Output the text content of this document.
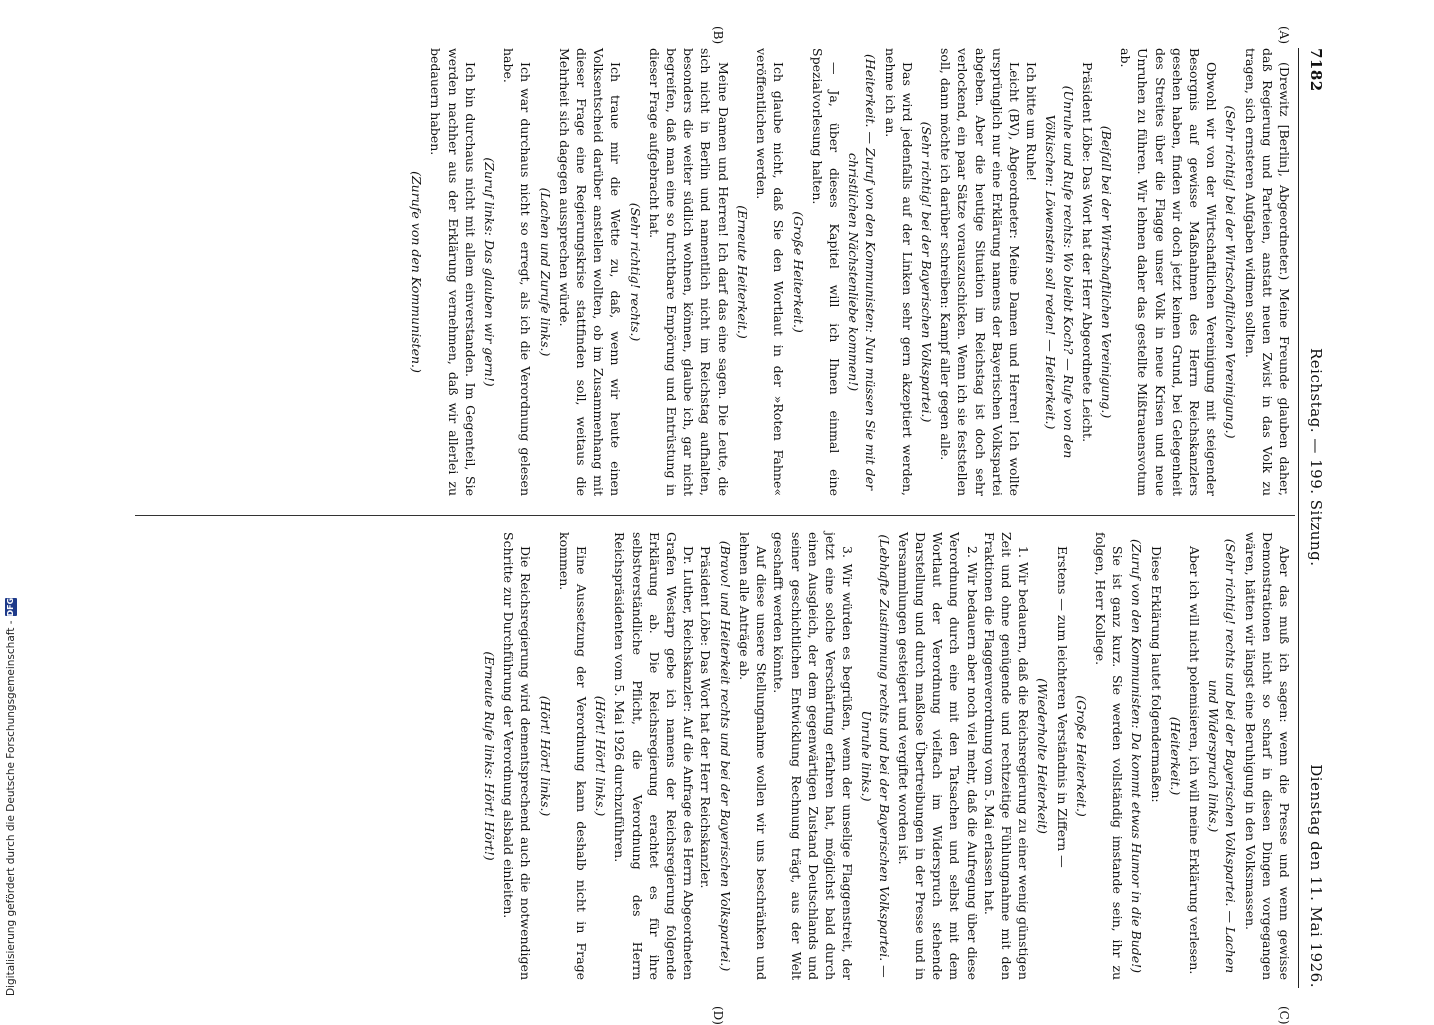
7182
Reichstag. — 199. Sitzung.
Dienstag den 11. Mai 1926.
(A)
(B)
(C)
(D)

(Drewitz [Berlin], Abgeordneter.) Meine Freunde glauben daher, daß Regierung und Parteien, anstatt neuen Zwist in das Volk zu tragen, sich ernsteren Aufgaben widmen sollten.

(Sehr richtig! bei der Wirtschaftlichen Vereinigung.)

Obwohl wir von der Wirtschaftlichen Vereinigung mit steigender Besorgnis auf gewisse Maßnahmen des Herrn Reichskanzlers gesehen haben, finden wir doch jetzt keinen Grund, bei Gelegenheit des Streites über die Flagge unser Volk in neue Krisen und neue Unruhen zu führen. Wir lehnen daher das gestellte Mißtrauensvotum ab.

(Beifall bei der Wirtschaftlichen Vereinigung.)

Präsident Löbe: Das Wort hat der Herr Abgeordnete Leicht.

(Unruhe und Rufe rechts: Wo bleibt Koch? — Rufe von den Völkischen: Löwenstein soll reden! — Heiterkeit.)

Ich bitte um Ruhe!

Leicht (BV), Abgeordneter: Meine Damen und Herren! Ich wollte ursprünglich nur eine Erklärung namens der Bayerischen Volkspartei abgeben. Aber die heutige Situation im Reichstag ist doch sehr verlockend, ein paar Sätze vorauszuschicken. Wenn ich sie feststellen soll, dann möchte ich darüber schreiben: Kampf aller gegen alle.

(Sehr richtig! bei der Bayerischen Volkspartei.)

Das wird jedenfalls auf der Linken sehr gern akzeptiert werden, nehme ich an.

(Heiterkeit. — Zuruf von den Kommunisten: Nun müssen Sie mit der christlichen Nächstenliebe kommen!)

— Ja, über dieses Kapitel will ich Ihnen einmal eine Spezialvorlesung halten.

(Große Heiterkeit.)

Ich glaube nicht, daß Sie den Wortlaut in der »Roten Fahne« veröffentlichen werden.

(Erneute Heiterkeit.)

Meine Damen und Herren! Ich darf das eine sagen. Die Leute, die sich nicht in Berlin und namentlich nicht im Reichstag aufhalten, besonders die weiter südlich wohnen, können, glaube ich, gar nicht begreifen, daß man eine so furchtbare Empörung und Entrüstung in dieser Frage aufgebracht hat.

(Sehr richtig! rechts.)

Ich traue mir die Wette zu, daß, wenn wir heute einen Volksentscheid darüber anstellen wollten, ob im Zusammenhang mit dieser Frage eine Regierungskrise stattfinden soll, weitaus die Mehrheit sich dagegen aussprechen würde.

(Lachen und Zurufe links.)

Ich war durchaus nicht so erregt, als ich die Verordnung gelesen habe.

(Zuruf links: Das glauben wir gern!)

Ich bin durchaus nicht mit allem einverstanden. Im Gegenteil, Sie werden nachher aus der Erklärung vernehmen, daß wir allerlei zu bedauern haben.

(Zurufe von den Kommunisten.)

Aber das muß ich sagen: wenn die Presse und wenn gewisse Demonstrationen nicht so scharf in diesen Dingen vorgegangen wären, hätten wir längst eine Beruhigung in den Volksmassen.

(Sehr richtig! rechts und bei der Bayerischen Volkspartei. — Lachen und Widerspruch links.)

Aber ich will nicht polemisieren, ich will meine Erklärung verlesen.

(Heiterkeit.)

Diese Erklärung lautet folgendermaßen:

(Zuruf von den Kommunisten: Da kommt etwas Humor in die Bude!)

Sie ist ganz kurz. Sie werden vollständig imstande sein, ihr zu folgen, Herr Kollege.

(Große Heiterkeit.)

Erstens — zum leichteren Verständnis in Ziffern —

(Wiederholte Heiterkeit)

1. Wir bedauern, daß die Reichsregierung zu einer wenig günstigen Zeit und ohne genügende und rechtzeitige Fühlungnahme mit den Fraktionen die Flaggenverordnung vom 5. Mai erlassen hat.

2. Wir bedauern aber noch viel mehr, daß die Aufregung über diese Verordnung durch eine mit den Tatsachen und selbst mit dem Wortlaut der Verordnung vielfach im Widerspruch stehende Darstellung und durch maßlose Übertreibungen in der Presse und in Versammlungen gesteigert und vergiftet worden ist.

(Lebhafte Zustimmung rechts und bei der Bayerischen Volkspartei. — Unruhe links.)

3. Wir würden es begrüßen, wenn der unselige Flaggenstreit, der jetzt eine solche Verschärfung erfahren hat, möglichst bald durch einen Ausgleich, der dem gegenwärtigen Zustand Deutschlands und seiner geschichtlichen Entwicklung Rechnung trägt, aus der Welt geschafft werden könnte.

Auf diese unsere Stellungnahme wollen wir uns beschränken und lehnen alle Anträge ab.

(Bravo! und Heiterkeit rechts und bei der Bayerischen Volkspartei.)

Präsident Löbe: Das Wort hat der Herr Reichskanzler.

Dr. Luther, Reichskanzler: Auf die Anfrage des Herrn Abgeordneten Grafen Westarp gebe ich namens der Reichsregierung folgende Erklärung ab. Die Reichsregierung erachtet es für ihre selbstverständliche Pflicht, die Verordnung des Herrn Reichspräsidenten vom 5. Mai 1926 durchzuführen.

(Hört! Hört! links.)

Eine Aussetzung der Verordnung kann deshalb nicht in Frage kommen.

(Hört! Hört! links.)

Die Reichsregierung wird dementsprechend auch die notwendigen Schritte zur Durchführung der Verordnung alsbald einleiten.

(Erneute Rufe links: Hört! Hört!)

Digitalisierung gefördert durch die Deutsche Forschungsgemeinschaft -
DFG
